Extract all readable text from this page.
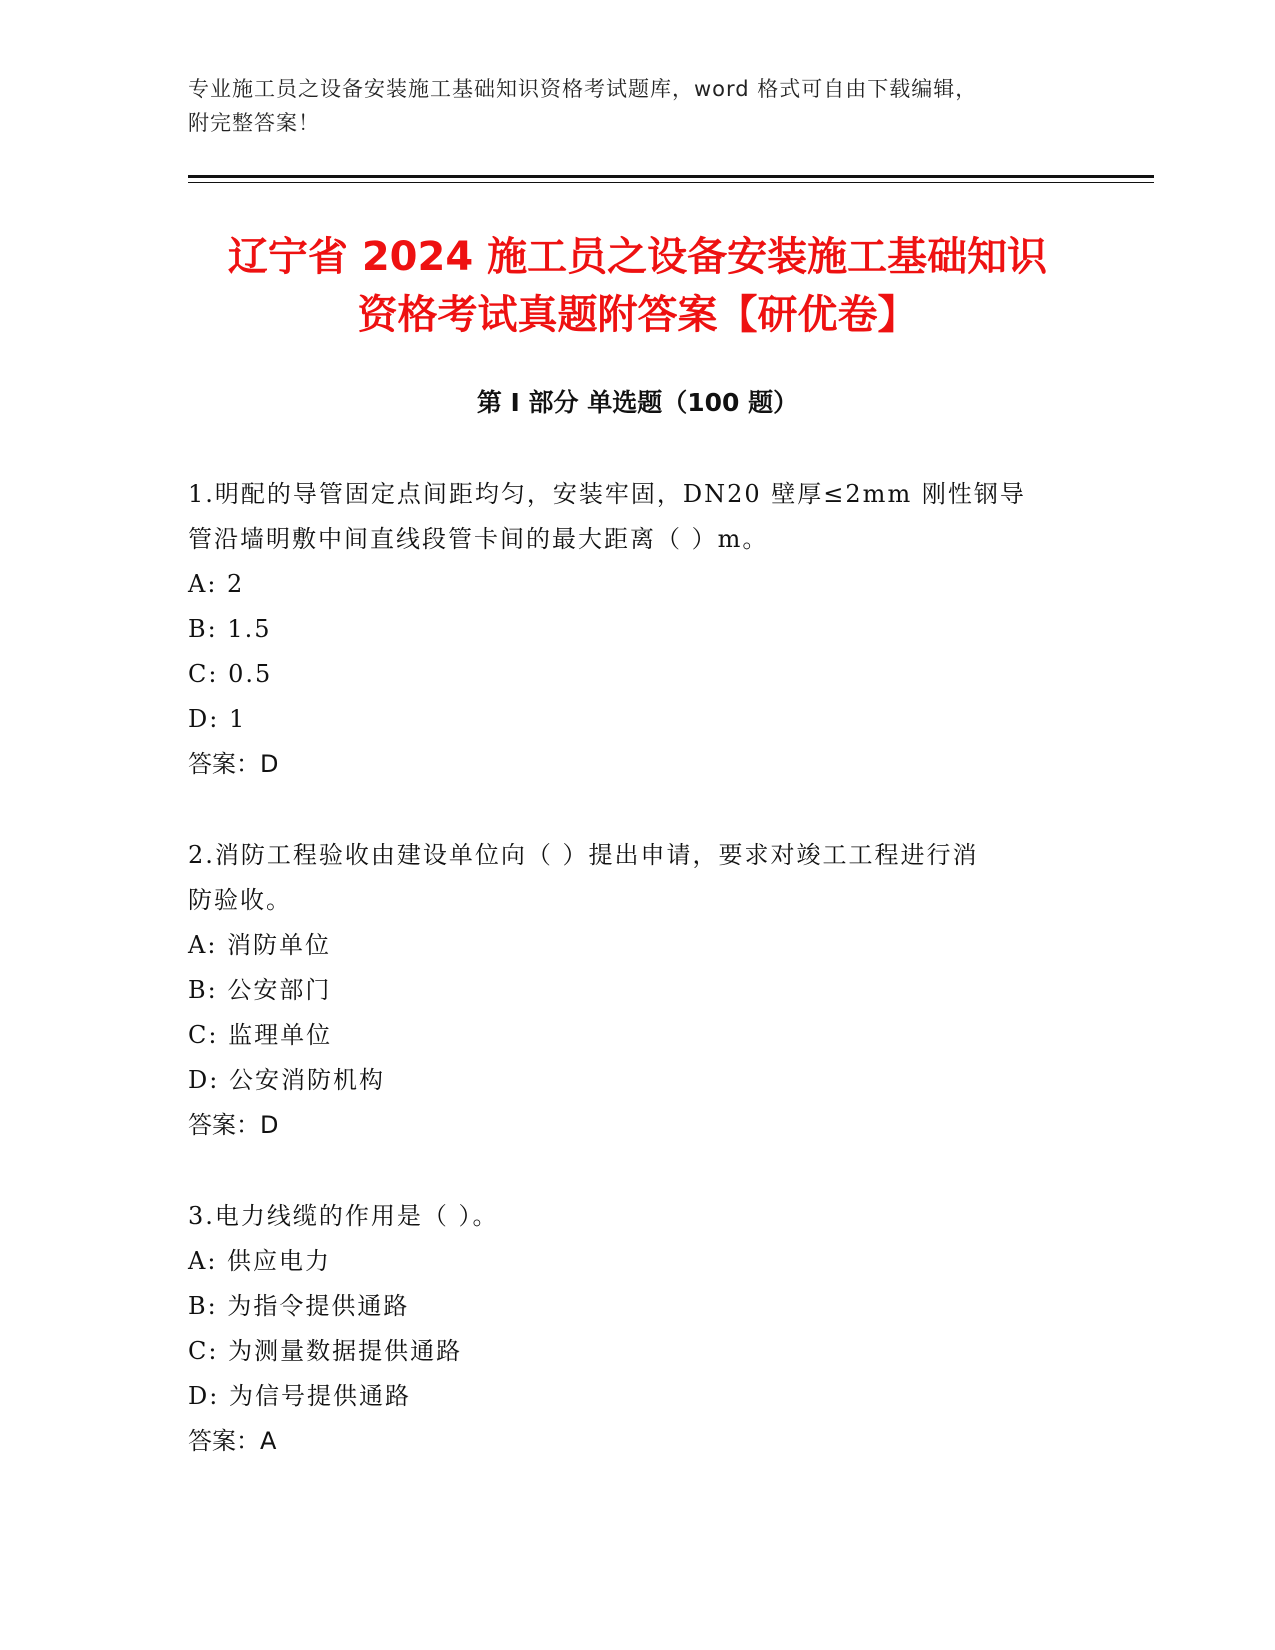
专业施工员之设备安装施工基础知识资格考试题库，word 格式可自由下载编辑，
附完整答案！
辽宁省 2024 施工员之设备安装施工基础知识
资格考试真题附答案【研优卷】
第 I 部分 单选题（100 题）
1.明配的导管固定点间距均匀，安装牢固，DN20 壁厚≤2mm 刚性钢导
管沿墙明敷中间直线段管卡间的最大距离（ ）m。
A: 2
B: 1.5
C: 0.5
D: 1
答案：D
2.消防工程验收由建设单位向（ ）提出申请，要求对竣工工程进行消
防验收。
A: 消防单位
B: 公安部门
C: 监理单位
D: 公安消防机构
答案：D
3.电力线缆的作用是（ ）。
A: 供应电力
B: 为指令提供通路
C: 为测量数据提供通路
D: 为信号提供通路
答案：A
